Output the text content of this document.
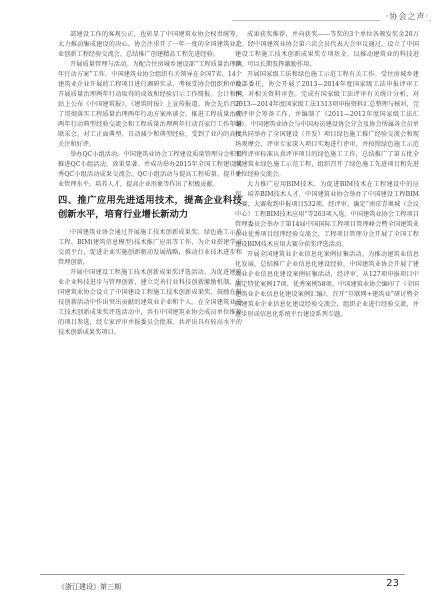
·协会之声·

部建设工作的客观公正，也彰显了中国建筑业协会权责统筹，大力推动集成建设的决心。协会注重开了一年一度的全国建筑业企业创新工程经验交流会，总结推广创建精品工程先进经验。

开展质量管理与活动。为配合住房城乡建设部“工程质量治理两年行动方案”工作，中国建筑业协会组织有关领导在全国7省、14个建筑业企业开展的工程项目进行调研实录，考核受协会组织和单位开展质量治理两年行动取得的成效和经验启示工作简报。会计和网站上公布《中国建筑报》、《建筑时报》上宣传报道。协会先后召开了贯彻落实工程质量治理两年行动方案座谈会。推进工程质量治理两年行动典型经验交流会和工程质量治理两年行动百家行工作年暑联采会，对工正面典型、自动减少和典型经验，受到了业内的高度关注和好评。

举办QC小组活动。中国建筑业协会工程建设质量管理分会积极推进QC小组活动，效果显著。并成功举办2015年全国工程建设优秀QC小组活动成果交流会。QC小组活动与提高工程质量，提升企业管理水平，培养人才，提高企业形象等作出了积极贡献。

四、推广应用先进适用技术，提高企业科技创新水平，培育行业增长新动力

中国建筑业协会通过开展施工技术创新成果奖、绿色施工示范工程、BIM(建筑信息模型)技术推广应用等工作，为企业搭建学习交流平台，促进企业实施创新驱动发展战略，推动行业技术进步和管理创新。

开展中国建设工程施工技术创新成果奖评选活动。为促进建筑业企业科技进步与管理创新，建立完善行业科技创新激励机制，中国建筑业协会设立了中国建设工程施工技术创新成果奖，鼓励在科技创新活动中作出突出贡献的建筑业企业和个人。在全国建筑业施工技术创新成果奖评选活动中，共有中国建筑业协会成员单位推荐的项目参选，经专家评审并报委员会批准，共评出具有较高水平的技术创新成果奖项目。

成果获奖推荐、并向获奖——等奖的3个单位各颁发奖金20万元。经中国建筑业协会第六次会员代表大会审议通过，设立了中国建设工程施工技术创新成果奖专项基金，以推动建筑业的科技进步，可以长期发挥激励作用。

开展国家级工法和绿色施工示范工程有关工作。受住房城乡建设部委托，协会开展了2013—2014年度国家级工法申报评审工作，对相关资料审查。完成有国家级工法评审有关统计分析，对2013—2014年度国家级工法1313项申报资料汇总整理与核对，完成评审会筹备工作，并编制了《2011—2012年度国家级工法汇编》。中国建筑业协会与中国海员建设协会分会及协会所属各会员单位共同举办了全国建设（开发）项目绿色施工推广经验交流会和现场观摩会，评审专家深入项目实地进行评审，并按照绿色施工示范工程评审标准认真评审项目的绿色施工工作，总结推广了第五批全国建筑业绿色施工示范工程，组织召开了绿色施工先进项目和先进单位经验交流会。

大力推广应用BIM技术。为促进BIM技术在工程建设中的应用，培养BIM技术人才，中国建筑业协会举办了中国建设工程BIM大赛，大赛收到申报项目532项，经评审，确定“南京青奥城（会议中心）工程BIM技术应用”等263项入选。中国建筑业协会工程项目管理委员会举办了第14届中国国际工程项目管理峰会暨全国建筑业企业优秀项目经理经验交流会，工程项目管理分会开展了全国工程建设BIM技术应用大赛分获奖评选活动。

开展全国建筑业企业信息化案例征集活动。为推动建筑业信息化发展，总结推广企业信息化建设经验，中国建筑业协会开展了建筑业企业信息化建设案例征集活动，经评审，从127项申报项目中确定特优案例17项、优秀案例58项。中国建筑业协会编印了《全国建筑业企业信息化建设案例汇编》，召开“互联网+建筑业”研讨暨全国建筑业企业信息化建设经验交流会，组织企业进行经验交流，并逐步形成信息化系统平台建设系列专题。

《浙江建设》第三期	23
